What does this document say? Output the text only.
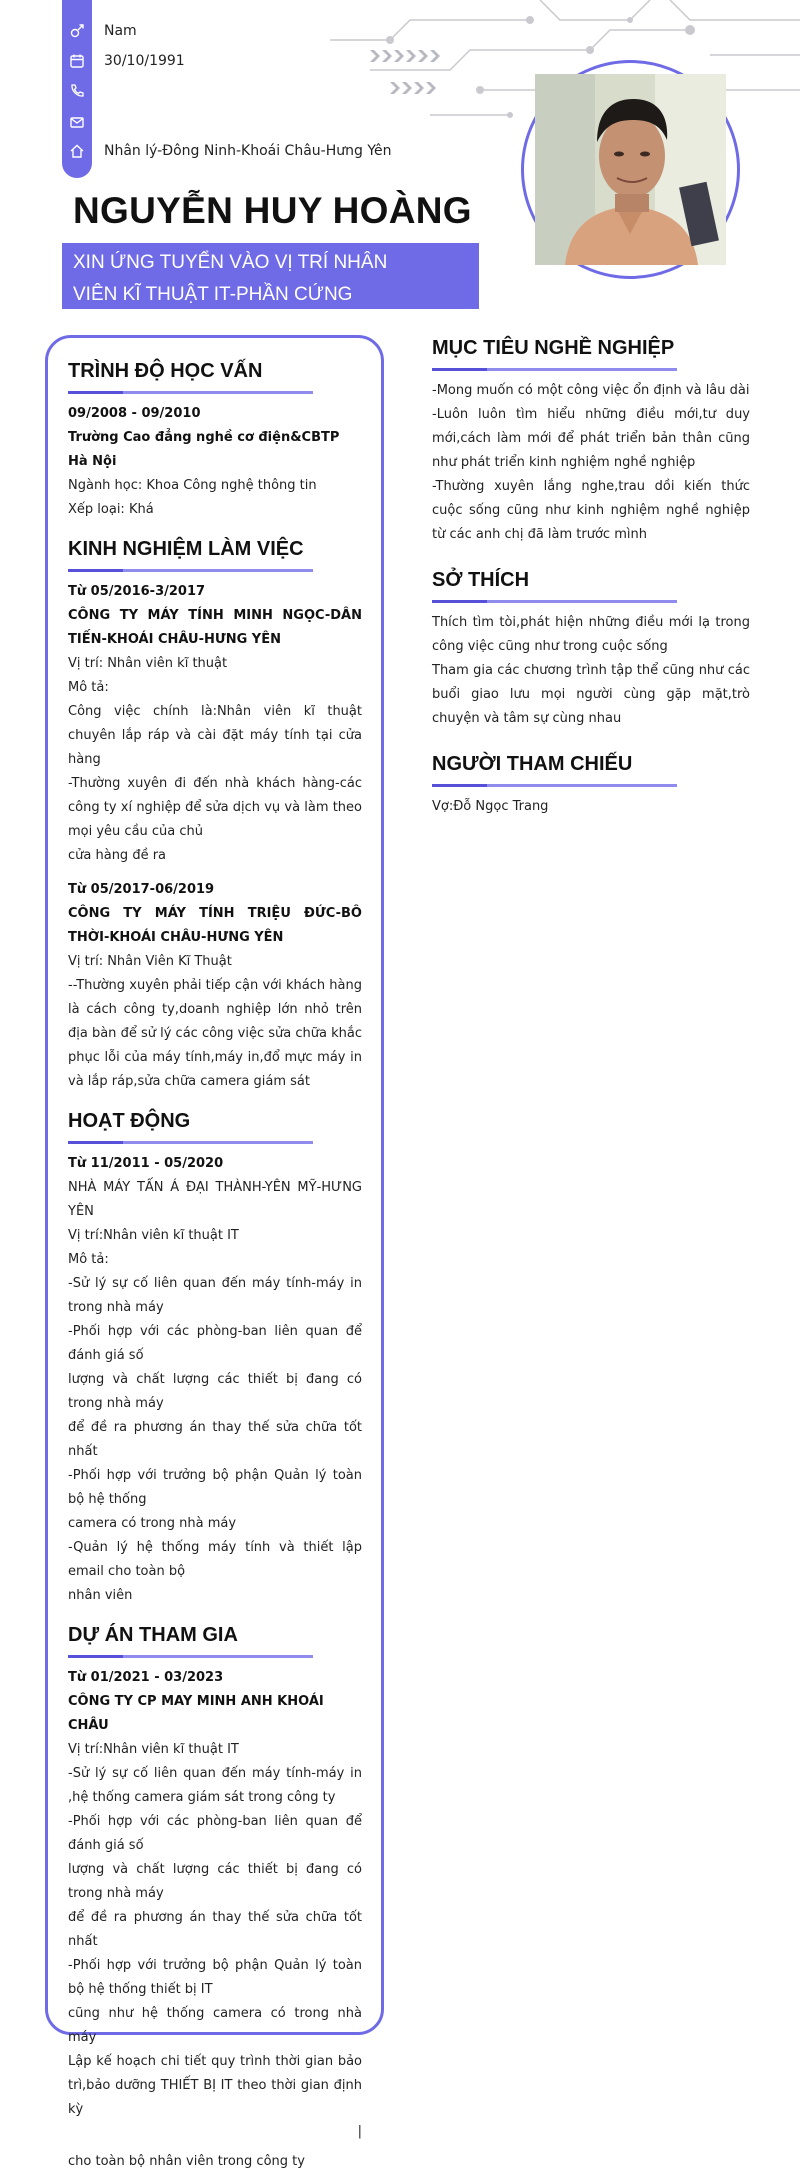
Nam
30/10/1991
Nhân lý-Đông Ninh-Khoái Châu-Hưng Yên
NGUYỄN HUY HOÀNG
XIN ỨNG TUYỂN VÀO VỊ TRÍ NHÂN
VIÊN KĨ THUẬT IT-PHẦN CỨNG
TRÌNH ĐỘ HỌC VẤN
09/2008 - 09/2010
Trường Cao đẳng nghề cơ điện&CBTP Hà Nội
Ngành học: Khoa Công nghệ thông tin
Xếp loại: Khá
KINH NGHIỆM LÀM VIỆC
Từ 05/2016-3/2017
CÔNG TY MÁY TÍNH MINH NGỌC-DÂN TIẾN-KHOÁI CHÂU-HƯNG YÊN
Vị trí: Nhân viên kĩ thuật
Mô tả:
Công việc chính là:Nhân viên kĩ thuật chuyên lắp ráp và cài đặt máy tính tại cửa hàng
-Thường xuyên đi đến nhà khách hàng-các công ty xí nghiệp để sửa dịch vụ và làm theo mọi yêu cầu của chủ
cửa hàng đề ra
Từ 05/2017-06/2019
CÔNG TY MÁY TÍNH TRIỆU ĐỨC-BÔ THỜI-KHOÁI CHÂU-HƯNG YÊN
Vị trí: Nhân Viên Kĩ Thuật
--Thường xuyên phải tiếp cận với khách hàng là cách công ty,doanh nghiệp lớn nhỏ trên địa bàn để sử lý các công việc sửa chữa khắc phục lỗi của máy tính,máy in,đổ mực máy in và lắp ráp,sửa chữa camera giám sát
HOẠT ĐỘNG
Từ 11/2011 - 05/2020
NHÀ MÁY TẤN Á ĐẠI THÀNH-YÊN MỸ-HƯNG YÊN
Vị trí:Nhân viên kĩ thuật IT
Mô tả:
-Sử lý sự cố liên quan đến máy tính-máy in trong nhà máy
-Phối hợp với các phòng-ban liên quan để đánh giá số
lượng và chất lượng các thiết bị đang có trong nhà máy
để đề ra phương án thay thế sửa chữa tốt nhất
-Phối hợp với trưởng bộ phận Quản lý toàn bộ hệ thống
camera có trong nhà máy
-Quản lý hệ thống máy tính và thiết lập email cho toàn bộ
nhân viên
DỰ ÁN THAM GIA
Từ 01/2021 - 03/2023
CÔNG TY CP MAY MINH ANH KHOÁI CHÂU
Vị trí:Nhân viên kĩ thuật IT
-Sử lý sự cố liên quan đến máy tính-máy in ,hệ thống camera giám sát trong công ty
-Phối hợp với các phòng-ban liên quan để đánh giá số
lượng và chất lượng các thiết bị đang có trong nhà máy
để đề ra phương án thay thế sửa chữa tốt nhất
-Phối hợp với trưởng bộ phận Quản lý toàn bộ hệ thống thiết bị IT
cũng như hệ thống camera có trong nhà máy
Lập kế hoạch chi tiết quy trình thời gian bảo trì,bảo dưỡng THIẾT BỊ IT theo thời gian định kỳ
|
cho toàn bộ nhân viên trong công ty
MỤC TIÊU NGHỀ NGHIỆP
-Mong muốn có một công việc ổn định và lâu dài
-Luôn luôn tìm hiểu những điều mới,tư duy mới,cách làm mới để phát triển bản thân cũng như phát triển kinh nghiệm nghề nghiệp
-Thường xuyên lắng nghe,trau dồi kiến thức cuộc sống cũng như kinh nghiệm nghề nghiệp từ các anh chị đã làm trước mình
SỞ THÍCH
Thích tìm tòi,phát hiện những điều mới lạ trong công việc cũng như trong cuộc sống
Tham gia các chương trình tập thể cũng như các buổi giao lưu mọi người cùng gặp mặt,trò chuyện và tâm sự cùng nhau
NGƯỜI THAM CHIẾU
Vợ:Đỗ Ngọc Trang
